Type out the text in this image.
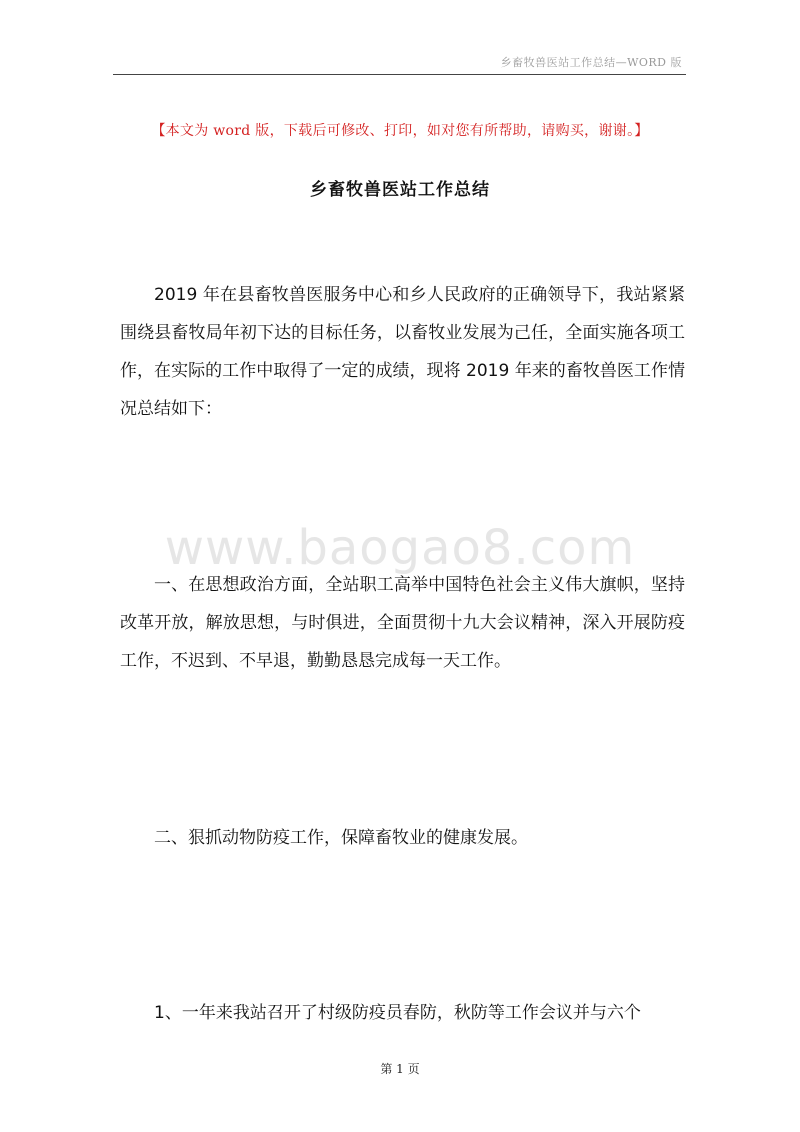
乡畜牧兽医站工作总结—WORD 版
【本文为 word 版，下载后可修改、打印，如对您有所帮助，请购买，谢谢。】
乡畜牧兽医站工作总结
www.baogao8.com
2019 年在县畜牧兽医服务中心和乡人民政府的正确领导下，我站紧紧围绕县畜牧局年初下达的目标任务，以畜牧业发展为己任，全面实施各项工作，在实际的工作中取得了一定的成绩，现将 2019 年来的畜牧兽医工作情况总结如下：
一、在思想政治方面，全站职工高举中国特色社会主义伟大旗帜，坚持改革开放，解放思想，与时俱进，全面贯彻十九大会议精神，深入开展防疫工作，不迟到、不早退，勤勤恳恳完成每一天工作。
二、狠抓动物防疫工作，保障畜牧业的健康发展。
1、一年来我站召开了村级防疫员春防，秋防等工作会议并与六个
第 1 页
